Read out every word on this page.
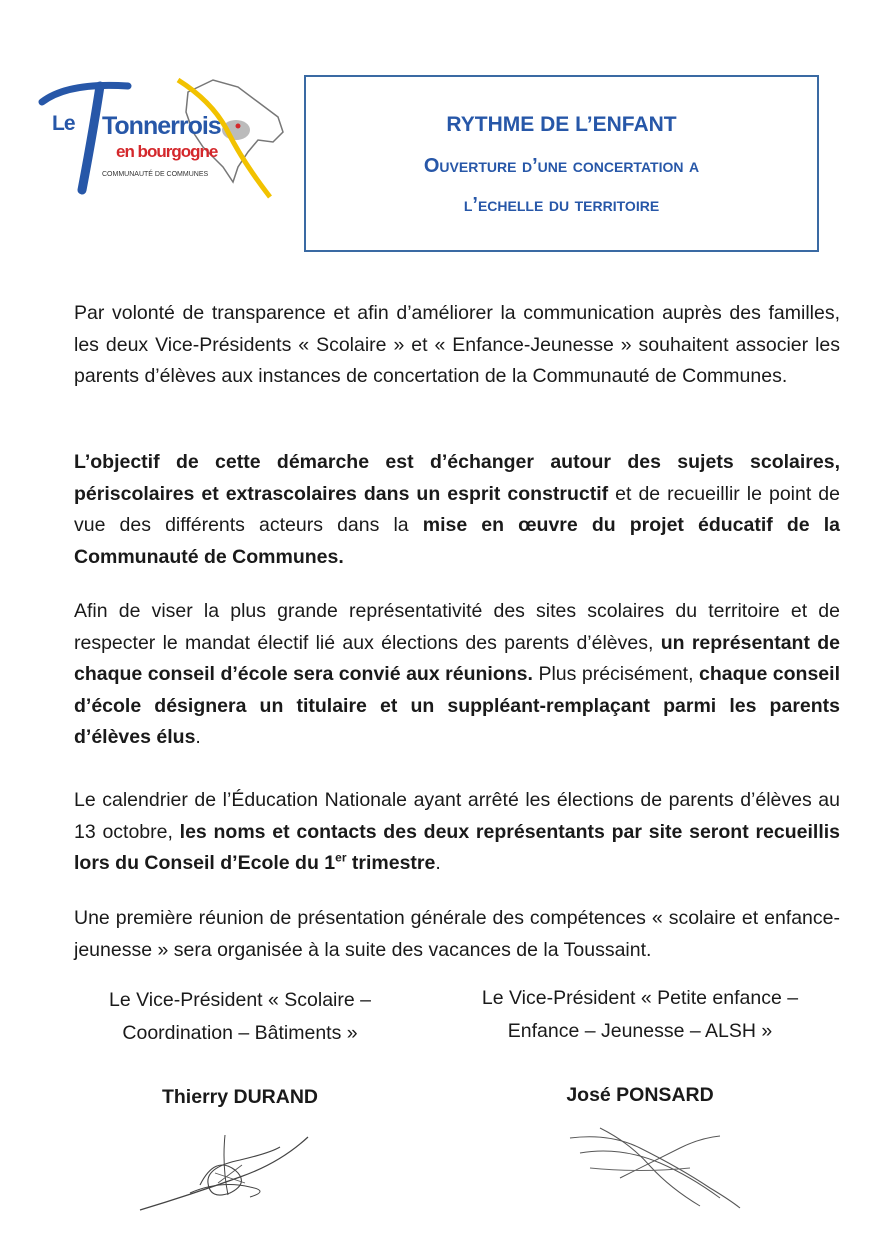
Le Tonnerrois
en bourgogne
COMMUNAUTÉ DE COMMUNES
RYTHME DE L’ENFANT
Ouverture d’une concertation a
l’echelle du territoire
Par volonté de transparence et afin d’améliorer la communication auprès des familles, les deux Vice-Présidents « Scolaire » et « Enfance-Jeunesse » souhaitent associer les parents d’élèves aux instances de concertation de la Communauté de Communes.
L’objectif de cette démarche est d’échanger autour des sujets scolaires, périscolaires et extrascolaires dans un esprit constructif et de recueillir le point de vue des différents acteurs dans la mise en œuvre du projet éducatif de la Communauté de Communes.
Afin de viser la plus grande représentativité des sites scolaires du territoire et de respecter le mandat électif lié aux élections des parents d’élèves, un représentant de chaque conseil d’école sera convié aux réunions. Plus précisément, chaque conseil d’école désignera un titulaire et un suppléant-remplaçant parmi les parents d’élèves élus.
Le calendrier de l’Éducation Nationale ayant arrêté les élections de parents d’élèves au 13 octobre, les noms et contacts des deux représentants par site seront recueillis lors du Conseil d’Ecole du 1er trimestre.
Une première réunion de présentation générale des compétences « scolaire et enfance-jeunesse » sera organisée à la suite des vacances de la Toussaint.
Le Vice-Président « Scolaire –
Coordination – Bâtiments »
Le Vice-Président « Petite enfance –
Enfance – Jeunesse – ALSH »
Thierry DURAND	José PONSARD
